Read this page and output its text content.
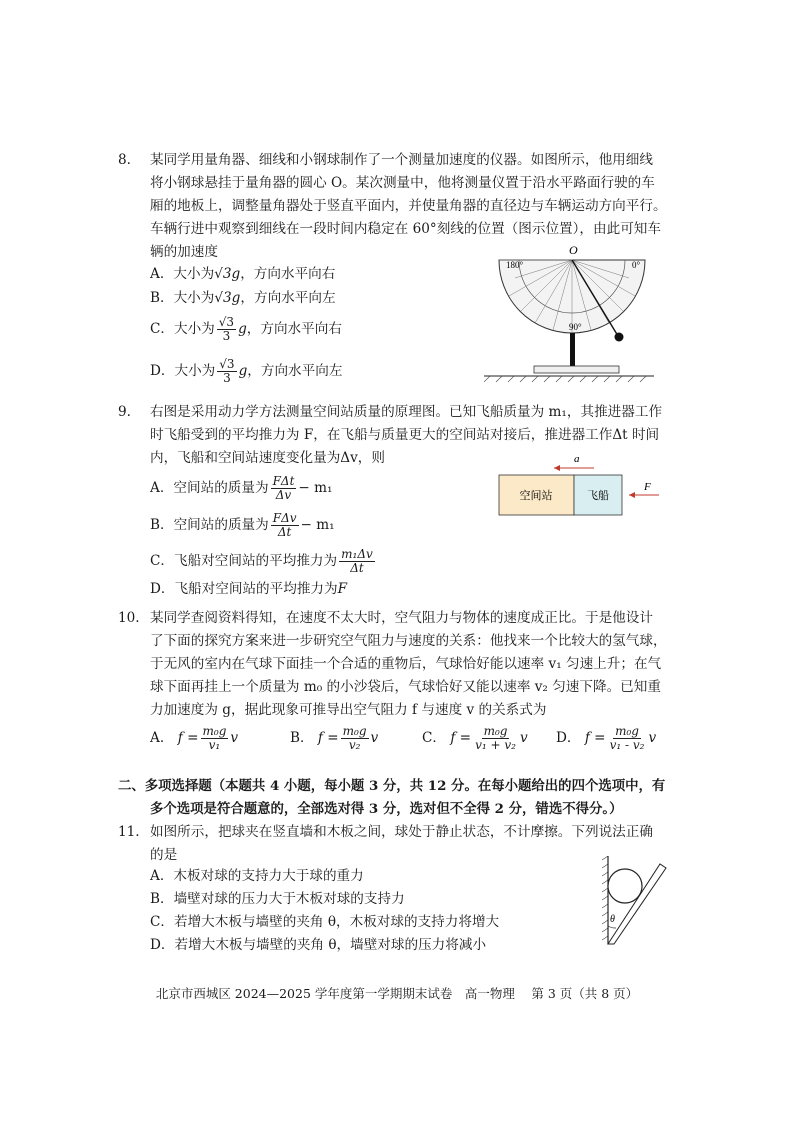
8. 某同学用量角器、细线和小钢球制作了一个测量加速度的仪器。如图所示，他用细线
将小钢球悬挂于量角器的圆心 O。某次测量中，他将测量仪置于沿水平路面行驶的车
厢的地板上，调整量角器处于竖直平面内，并使量角器的直径边与车辆运动方向平行。
车辆行进中观察到细线在一段时间内稳定在 60°刻线的位置（图示位置），由此可知车
辆的加速度
A．大小为√3g，方向水平向右
B．大小为√3g，方向水平向左
C．大小为 $\frac{√3}{3}$ g ，方向水平向右
D．大小为 $\frac{√3}{3}$ g ，方向水平向左
O
180°	0°
90°
9. 右图是采用动力学方法测量空间站质量的原理图。已知飞船质量为 m₁，其推进器工作
时飞船受到的平均推力为 F，在飞船与质量更大的空间站对接后，推进器工作Δt 时间
内，飞船和空间站速度变化量为Δv，则
A．空间站的质量为 $\frac{\text{FΔt}}{\Delta v} - m_1$
B．空间站的质量为 $\frac{\text{FΔv}}{\Delta t} - m_1$
C．飞船对空间站的平均推力为 $\frac{\text{m₁Δv}}{\Delta t}$
D．飞船对空间站的平均推力为F
a
空间站	飞船
F
10. 某同学查阅资料得知，在速度不太大时，空气阻力与物体的速度成正比。于是他设计
了下面的探究方案来进一步研究空气阻力与速度的关系：他找来一个比较大的氢气球，
于无风的室内在气球下面挂一个合适的重物后，气球恰好能以速率 v₁ 匀速上升；在气
球下面再挂上一个质量为 m₀ 的小沙袋后，气球恰好又能以速率 v₂ 匀速下降。已知重
力加速度为 g，据此现象可推导出空气阻力 f 与速度 v 的关系式为
A．
$f = \frac{\text{m₀g}}{\text{v₁}}$ v	B．
$f = \frac{\text{m₀g}}{\text{v₂}}$ v	C．
$f = \frac{\text{m₀g}}{\text{v₁ + v₂}}$ v D．
$f = \frac{\text{m₀g}}{\text{v₁ - v₂}}$ v
二、多项选择题（本题共 4 小题，每小题 3 分，共 12 分。在每小题给出的四个选项中，有
多个选项是符合题意的，全部选对得 3 分，选对但不全得 2 分，错选不得分。）
11. 如图所示，把球夹在竖直墙和木板之间，球处于静止状态，不计摩擦。下列说法正确
的是
A．木板对球的支持力大于球的重力
B．墙壁对球的压力大于木板对球的支持力
C．若增大木板与墙壁的夹角 θ，木板对球的支持力将增大
D．若增大木板与墙壁的夹角 θ，墙壁对球的压力将减小
θ
北京市西城区 2024—2025 学年度第一学期期末试卷　高一物理　 第 3 页（共 8 页）
